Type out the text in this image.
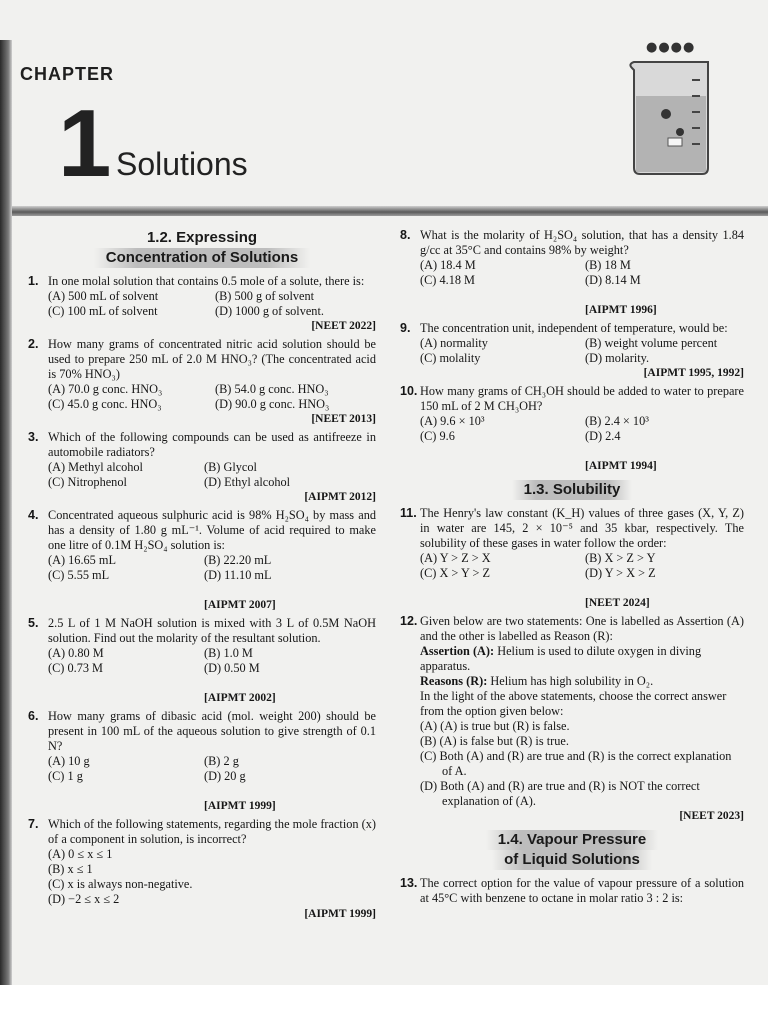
CHAPTER
1 Solutions
●●●●
1.2. Expressing
Concentration of Solutions
1. In one molal solution that contains 0.5 mole of a solute, there is:
(A) 500 mL of solvent	(B) 500 g of solvent
(C) 100 mL of solvent	(D) 1000 g of solvent.
[NEET 2022]
2. How many grams of concentrated nitric acid solution should be used to prepare 250 mL of 2.0 M HNO₃? (The concentrated acid is 70% HNO₃)
(A) 70.0 g conc. HNO₃	(B) 54.0 g conc. HNO₃
(C) 45.0 g conc. HNO₃	(D) 90.0 g conc. HNO₃
[NEET 2013]
3. Which of the following compounds can be used as antifreeze in automobile radiators?
(A) Methyl alcohol	(B) Glycol
(C) Nitrophenol	(D) Ethyl alcohol
[AIPMT 2012]
4. Concentrated aqueous sulphuric acid is 98% H₂SO₄ by mass and has a density of 1.80 g mL⁻¹. Volume of acid required to make one litre of 0.1M H₂SO₄ solution is:
(A) 16.65 mL	(B) 22.20 mL
(C) 5.55 mL	(D) 11.10 mL

[AIPMT 2007]
5. 2.5 L of 1 M NaOH solution is mixed with 3 L of 0.5M NaOH solution. Find out the molarity of the resultant solution.
(A) 0.80 M	(B) 1.0 M
(C) 0.73 M	(D) 0.50 M

[AIPMT 2002]
6. How many grams of dibasic acid (mol. weight 200) should be present in 100 mL of the aqueous solution to give strength of 0.1 N?
(A) 10 g	(B) 2 g
(C) 1 g	(D) 20 g

[AIPMT 1999]
7. Which of the following statements, regarding the mole fraction (x) of a component in solution, is incorrect?
(A) 0 ≤ x ≤ 1
(B) x ≤ 1
(C) x is always non-negative.
(D) −2 ≤ x ≤ 2
[AIPMT 1999]
8. What is the molarity of H₂SO₄ solution, that has a density 1.84 g/cc at 35°C and contains 98% by weight?
(A) 18.4 M	(B) 18 M
(C) 4.18 M	(D) 8.14 M

[AIPMT 1996]
9. The concentration unit, independent of temperature, would be:
(A) normality	(B) weight volume percent
(C) molality	(D) molarity.
[AIPMT 1995, 1992]
10. How many grams of CH₃OH should be added to water to prepare 150 mL of 2 M CH₃OH?
(A) 9.6 × 10³	(B) 2.4 × 10³
(C) 9.6	(D) 2.4

[AIPMT 1994]
1.3. Solubility
11. The Henry's law constant (K_H) values of three gases (X, Y, Z) in water are 145, 2 × 10⁻⁵ and 35 kbar, respectively. The solubility of these gases in water follow the order:
(A) Y > Z > X	(B) X > Z > Y
(C) X > Y > Z	(D) Y > X > Z

[NEET 2024]
12. Given below are two statements: One is labelled as Assertion (A) and the other is labelled as Reason (R):
Assertion (A): Helium is used to dilute oxygen in diving apparatus.
Reasons (R): Helium has high solubility in O₂.
In the light of the above statements, choose the correct answer from the option given below:
(A) (A) is true but (R) is false.
(B) (A) is false but (R) is true.
(C) Both (A) and (R) are true and (R) is the correct explanation of A.
(D) Both (A) and (R) are true and (R) is NOT the correct explanation of (A).
[NEET 2023]
1.4. Vapour Pressure
of Liquid Solutions
13. The correct option for the value of vapour pressure of a solution at 45°C with benzene to octane in molar ratio 3 : 2 is:
